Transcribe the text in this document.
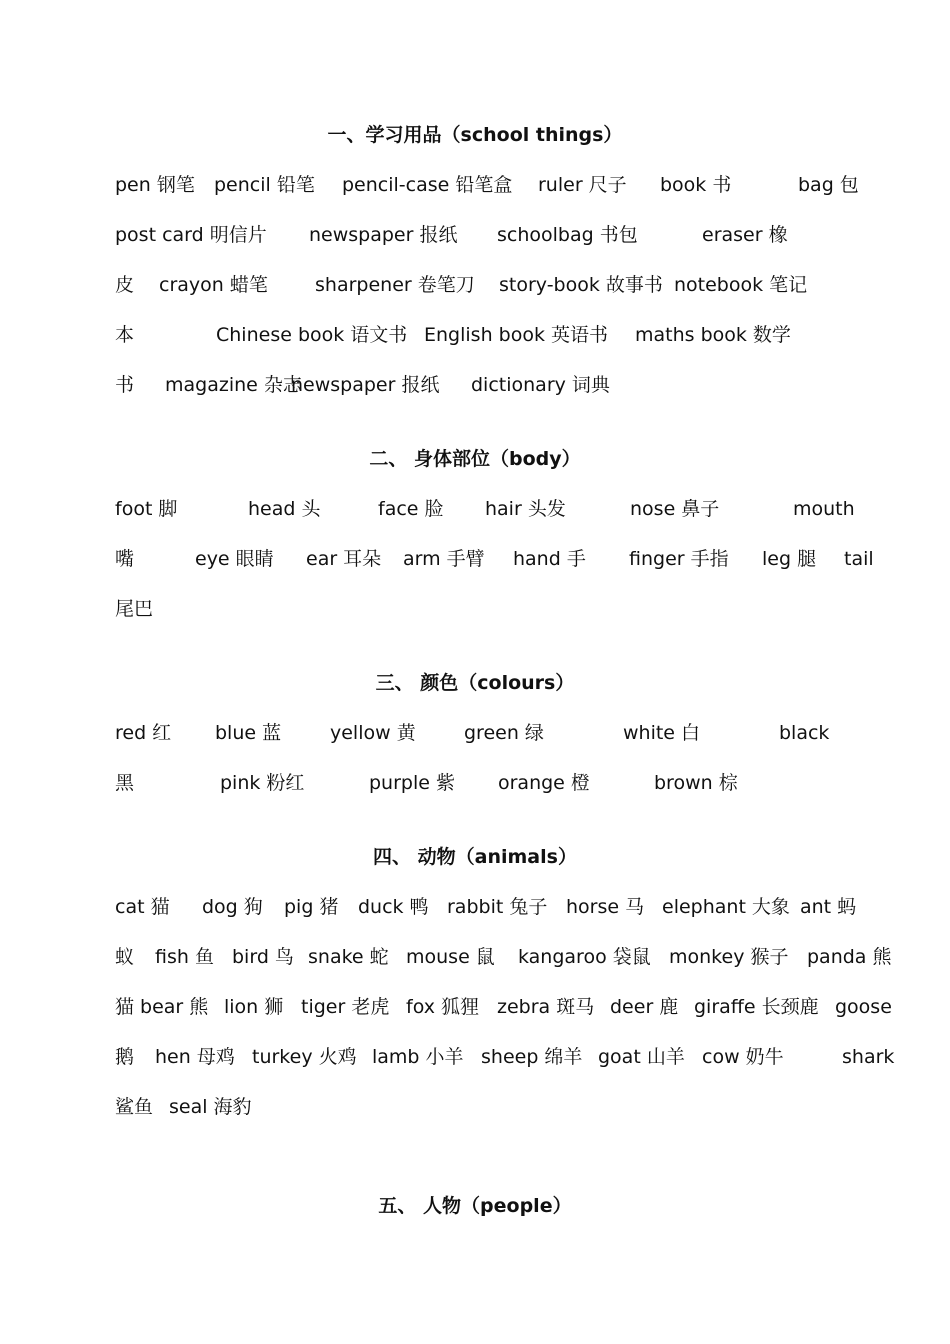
一、学习用品（school things）
pen 钢笔 pencil 铅笔 pencil-case 铅笔盒 ruler 尺子 book 书	bag 包
post card 明信片 newspaper 报纸 schoolbag 书包	eraser 橡
皮 crayon 蜡笔 sharpener 卷笔刀 story-book 故事书 notebook 笔记
本	Chinese book 语文书 English book 英语书 maths book 数学
书 magazine 杂志
newspaper 报纸 dictionary 词典
二、 身体部位（body）
foot 脚	head 头	face 脸 hair 头发	nose 鼻子	mouth
嘴	eye 眼睛 ear 耳朵 arm 手臂 hand 手 finger 手指 leg 腿 tail
尾巴
三、 颜色（colours）
red 红 blue 蓝	yellow 黄	green 绿	white 白	black
黑	pink 粉红	purple 紫 orange 橙	brown 棕
四、 动物（animals）
cat 猫 dog 狗 pig 猪 duck 鸭 rabbit 兔子 horse 马 elephant 大象 ant 蚂
蚁 fish 鱼 bird 鸟 snake 蛇 mouse 鼠 kangaroo 袋鼠 monkey 猴子 panda 熊
猫 bear 熊 lion 狮 tiger 老虎 fox 狐狸 zebra 斑马 deer 鹿 giraffe 长颈鹿 goose
鹅 hen 母鸡 turkey 火鸡 lamb 小羊 sheep 绵羊 goat 山羊 cow 奶牛	shark
鲨鱼 seal 海豹
五、 人物（people）
